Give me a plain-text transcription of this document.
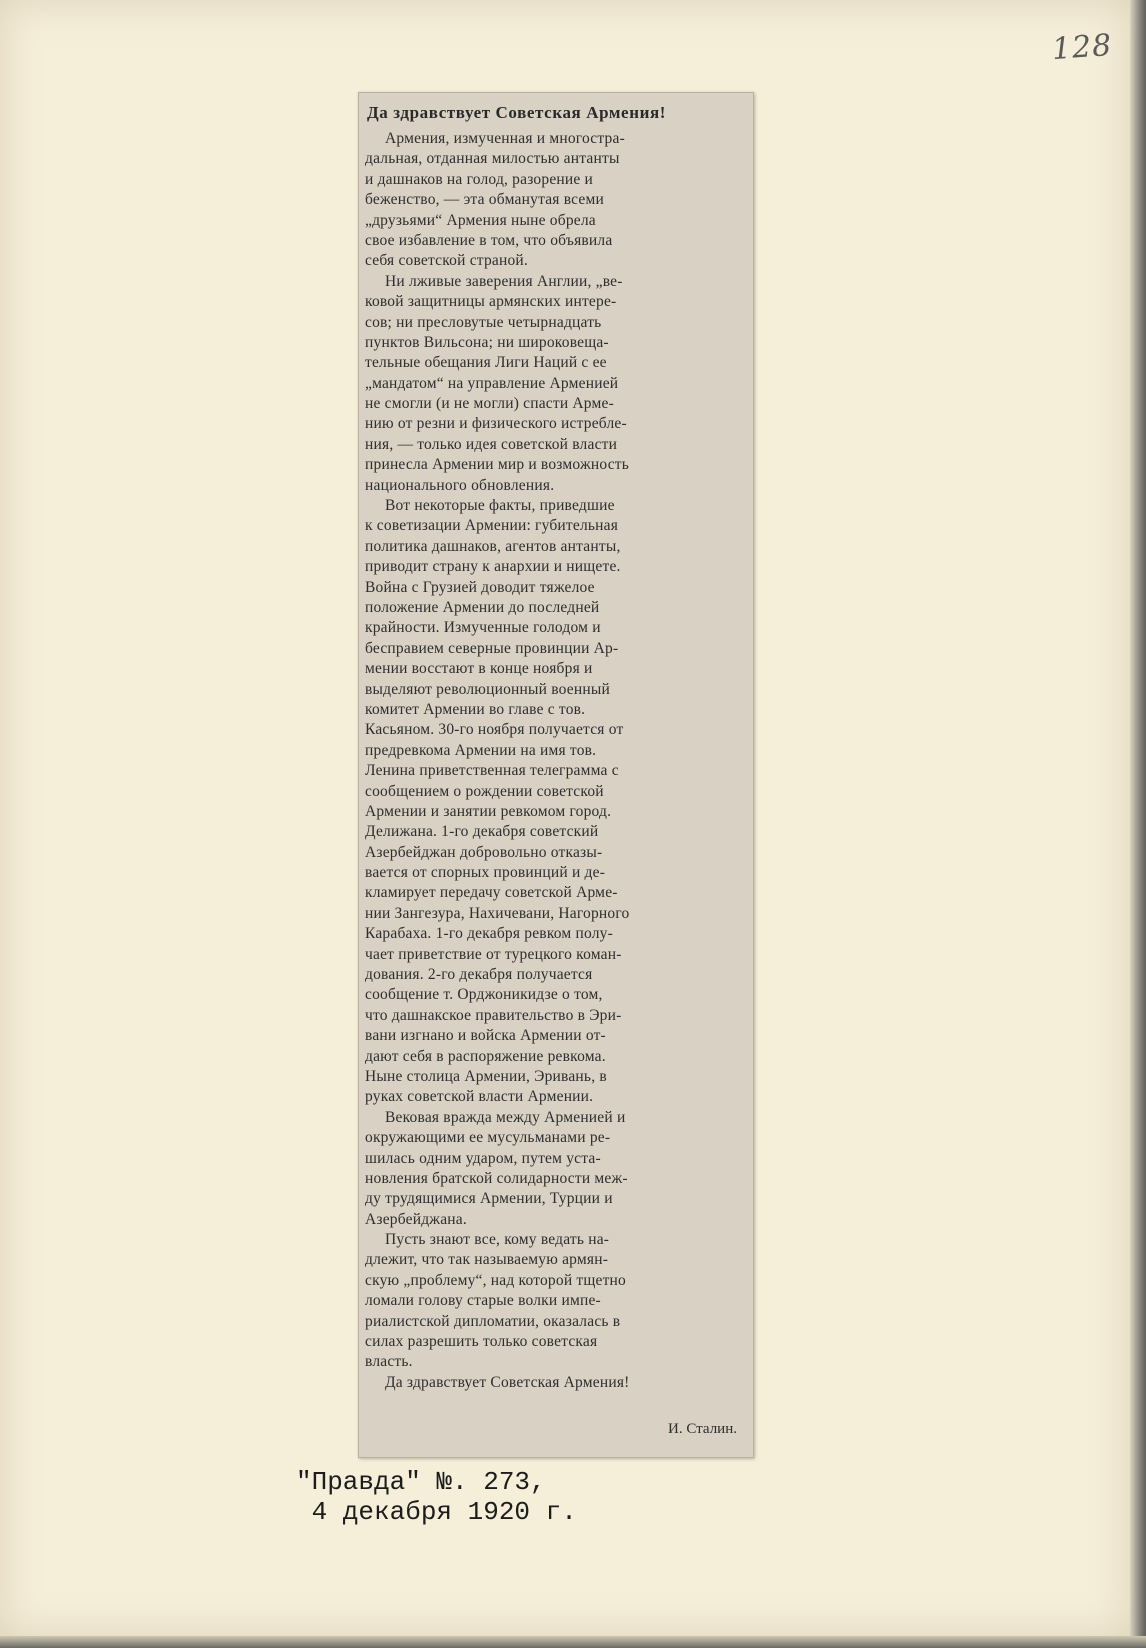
128
Да здравствует Советская Армения!
Армения, измученная и многостра-
дальная, отданная милостью антанты
и дашнаков на голод, разорение и
беженство, — эта обманутая всеми
„друзьями“ Армения ныне обрела
свое избавление в том, что объявила
себя советской страной.
Ни лживые заверения Англии, „ве-
ковой защитницы армянских интере-
сов; ни пресловутые четырнадцать
пунктов Вильсона; ни широковеща-
тельные обещания Лиги Наций с ее
„мандатом“ на управление Арменией
не смогли (и не могли) спасти Арме-
нию от резни и физического истребле-
ния, — только идея советской власти
принесла Армении мир и возможность
национального обновления.
Вот некоторые факты, приведшие
к советизации Армении: губительная
политика дашнаков, агентов антанты,
приводит страну к анархии и нищете.
Война с Грузией доводит тяжелое
положение Армении до последней
крайности. Измученные голодом и
бесправием северные провинции Ар-
мении восстают в конце ноября и
выделяют революционный военный
комитет Армении во главе с тов.
Касьяном. 30-го ноября получается от
предревкома Армении на имя тов.
Ленина приветственная телеграмма с
сообщением о рождении советской
Армении и занятии ревкомом город.
Делижана. 1-го декабря советский
Азербейджан добровольно отказы-
вается от спорных провинций и де-
кламирует передачу советской Арме-
нии Зангезура, Нахичевани, Нагорного
Карабаха. 1-го декабря ревком полу-
чает приветствие от турецкого коман-
дования. 2-го декабря получается
сообщение т. Орджоникидзе о том,
что дашнакское правительство в Эри-
вани изгнано и войска Армении от-
дают себя в распоряжение ревкома.
Ныне столица Армении, Эривань, в
руках советской власти Армении.
Вековая вражда между Арменией и
окружающими ее мусульманами ре-
шилась одним ударом, путем уста-
новления братской солидарности меж-
ду трудящимися Армении, Турции и
Азербейджана.
Пусть знают все, кому ведать на-
длежит, что так называемую армян-
скую „проблему“, над которой тщетно
ломали голову старые волки импе-
риалистской дипломатии, оказалась в
силах разрешить только советская
власть.
Да здравствует Советская Армения!
И. Сталин.
"Правда" №. 273,
4 декабря 1920 г.
